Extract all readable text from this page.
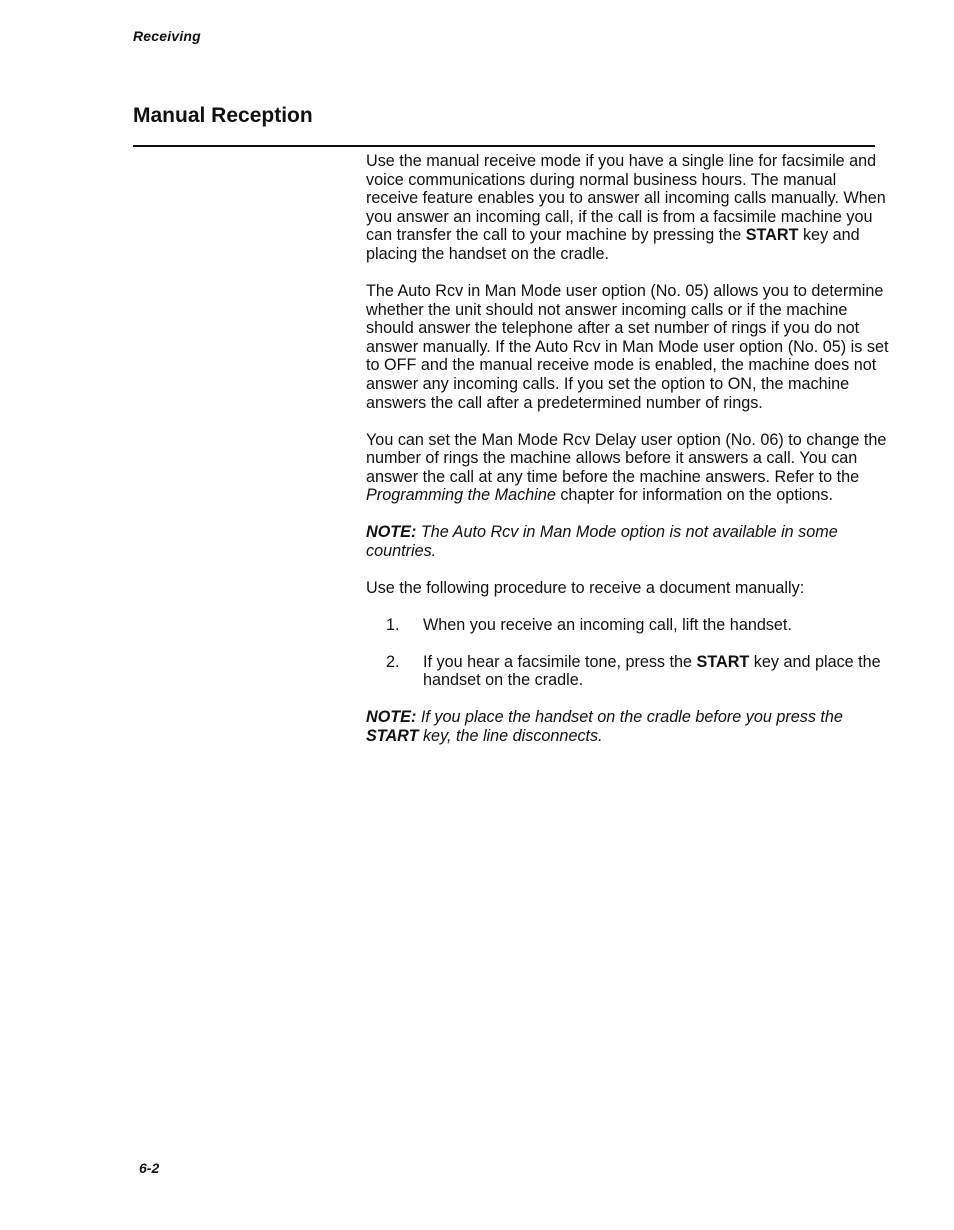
Receiving
Manual Reception

Use the manual receive mode if you have a single line for facsimile and voice communications during normal business hours. The manual receive feature enables you to answer all incoming calls manually. When you answer an incoming call, if the call is from a facsimile machine you can transfer the call to your machine by pressing the START key and placing the handset on the cradle.

The Auto Rcv in Man Mode user option (No. 05) allows you to determine whether the unit should not answer incoming calls or if the machine should answer the telephone after a set number of rings if you do not answer manually. If the Auto Rcv in Man Mode user option (No. 05) is set to OFF and the manual receive mode is enabled, the machine does not answer any incoming calls. If you set the option to ON, the machine answers the call after a predetermined number of rings.

You can set the Man Mode Rcv Delay user option (No. 06) to change the number of rings the machine allows before it answers a call. You can answer the call at any time before the machine answers. Refer to the Programming the Machine chapter for information on the options.

NOTE: The Auto Rcv in Man Mode option is not available in some countries.

Use the following procedure to receive a document manually:

1. When you receive an incoming call, lift the handset.
2. If you hear a facsimile tone, press the START key and place the handset on the cradle.

NOTE: If you place the handset on the cradle before you press the START key, the line disconnects.

6-2
